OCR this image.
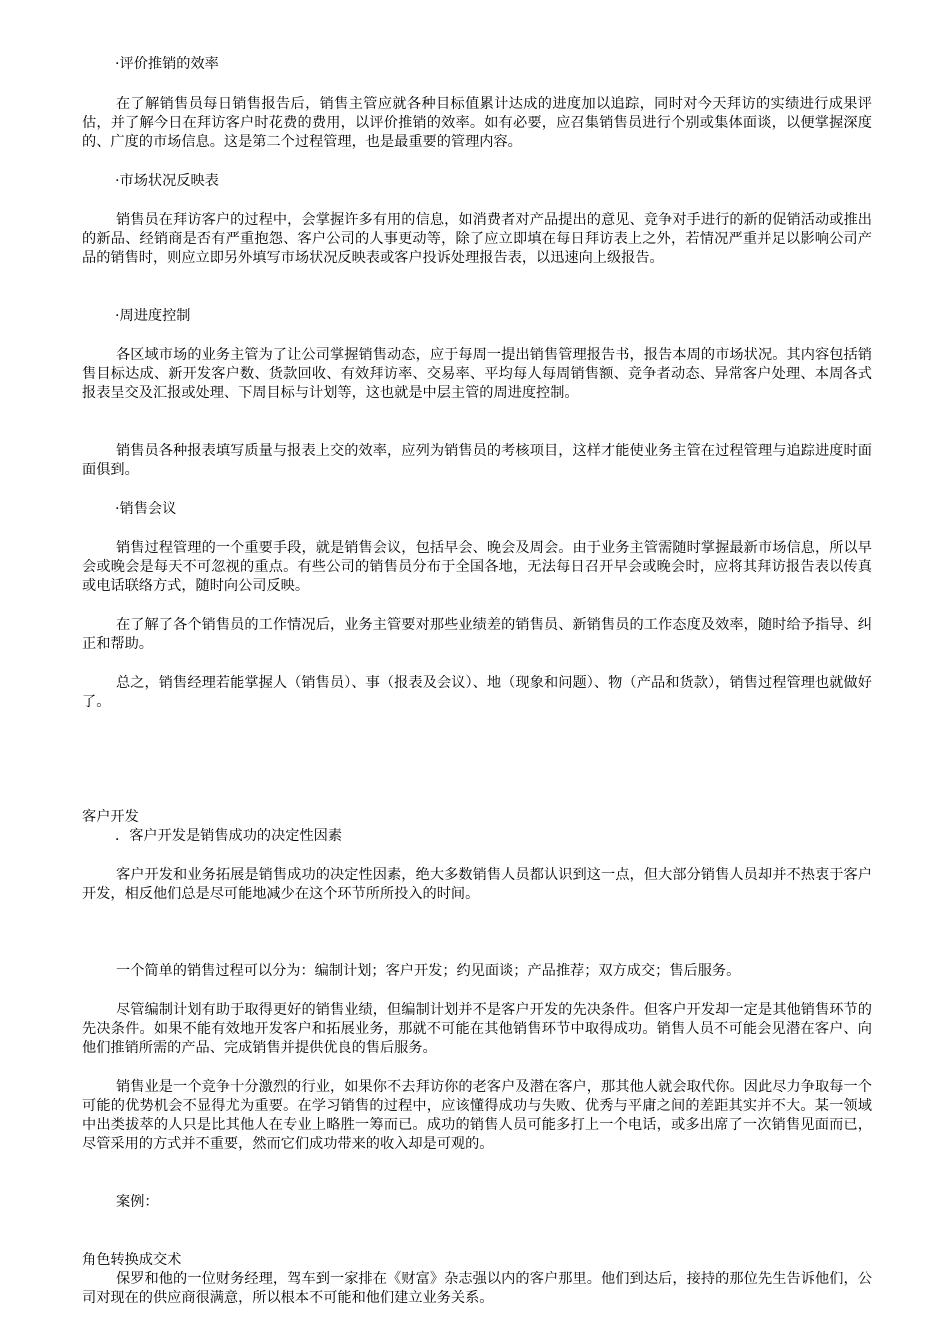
·评价推销的效率

在了解销售员每日销售报告后，销售主管应就各种目标值累计达成的进度加以追踪，同时对今天拜访的实绩进行成果评估，并了解今日在拜访客户时花费的费用，以评价推销的效率。如有必要，应召集销售员进行个别或集体面谈，以便掌握深度的、广度的市场信息。这是第二个过程管理，也是最重要的管理内容。

·市场状况反映表

销售员在拜访客户的过程中，会掌握许多有用的信息，如消费者对产品提出的意见、竞争对手进行的新的促销活动或推出的新品、经销商是否有严重抱怨、客户公司的人事更动等，除了应立即填在每日拜访表上之外，若情况严重并足以影响公司产品的销售时，则应立即另外填写市场状况反映表或客户投诉处理报告表，以迅速向上级报告。

·周进度控制

各区域市场的业务主管为了让公司掌握销售动态，应于每周一提出销售管理报告书，报告本周的市场状况。其内容包括销售目标达成、新开发客户数、货款回收、有效拜访率、交易率、平均每人每周销售额、竞争者动态、异常客户处理、本周各式报表呈交及汇报或处理、下周目标与计划等，这也就是中层主管的周进度控制。

销售员各种报表填写质量与报表上交的效率，应列为销售员的考核项目，这样才能使业务主管在过程管理与追踪进度时面面俱到。

·销售会议

销售过程管理的一个重要手段，就是销售会议，包括早会、晚会及周会。由于业务主管需随时掌握最新市场信息，所以早会或晚会是每天不可忽视的重点。有些公司的销售员分布于全国各地，无法每日召开早会或晚会时，应将其拜访报告表以传真或电话联络方式，随时向公司反映。

在了解了各个销售员的工作情况后，业务主管要对那些业绩差的销售员、新销售员的工作态度及效率，随时给予指导、纠正和帮助。

总之，销售经理若能掌握人（销售员）、事（报表及会议）、地（现象和问题）、物（产品和货款），销售过程管理也就做好了。

客户开发

．客户开发是销售成功的决定性因素

客户开发和业务拓展是销售成功的决定性因素，绝大多数销售人员都认识到这一点，但大部分销售人员却并不热衷于客户开发，相反他们总是尽可能地减少在这个环节所所投入的时间。

一个简单的销售过程可以分为：编制计划；客户开发；约见面谈；产品推荐；双方成交；售后服务。

尽管编制计划有助于取得更好的销售业绩，但编制计划并不是客户开发的先决条件。但客户开发却一定是其他销售环节的先决条件。如果不能有效地开发客户和拓展业务，那就不可能在其他销售环节中取得成功。销售人员不可能会见潜在客户、向他们推销所需的产品、完成销售并提供优良的售后服务。

销售业是一个竞争十分激烈的行业，如果你不去拜访你的老客户及潜在客户，那其他人就会取代你。因此尽力争取每一个可能的优势机会不显得尤为重要。在学习销售的过程中，应该懂得成功与失败、优秀与平庸之间的差距其实并不大。某一领域中出类拔萃的人只是比其他人在专业上略胜一筹而已。成功的销售人员可能多打上一个电话，或多出席了一次销售见面而已，尽管采用的方式并不重要，然而它们成功带来的收入却是可观的。

案例：

角色转换成交术

保罗和他的一位财务经理，驾车到一家排在《财富》杂志强以内的客户那里。他们到达后，接持的那位先生告诉他们，公司对现在的供应商很满意，所以根本不可能和他们建立业务关系。
